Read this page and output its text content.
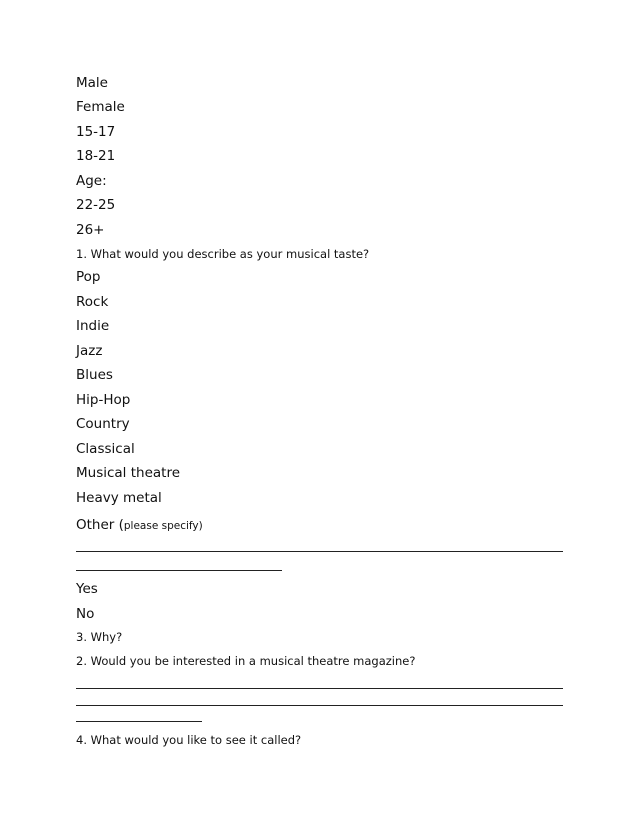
Male
Female
15-17
18-21
Age:
22-25
26+
1. What would you describe as your musical taste?
Pop
Rock
Indie
Jazz
Blues
Hip-Hop
Country
Classical
Musical theatre
Heavy metal
Other (please specify)
Yes
No
3. Why?
2. Would you be interested in a musical theatre magazine?
4. What would you like to see it called?
